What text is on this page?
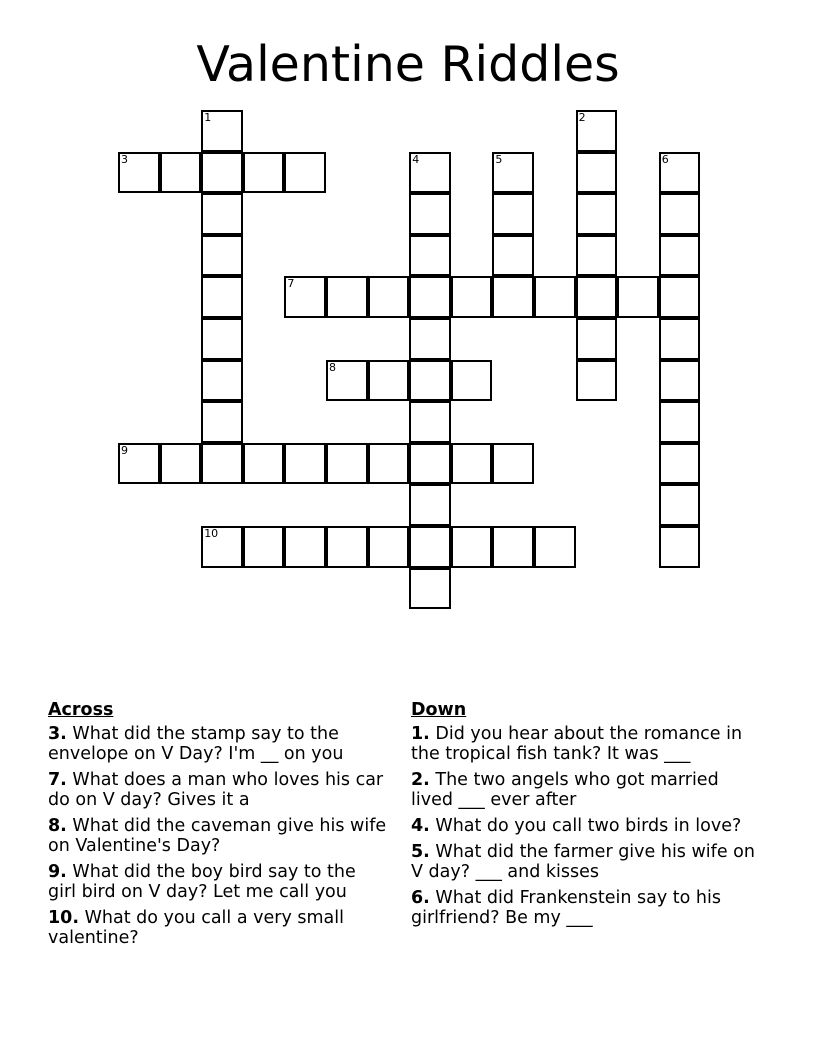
Valentine Riddles
1	2
3	4	5	6
7
8
9
10
Across
3. What did the stamp say to the envelope on V Day? I'm __ on you
7. What does a man who loves his car do on V day? Gives it a
8. What did the caveman give his wife on Valentine's Day?
9. What did the boy bird say to the girl bird on V day? Let me call you
10. What do you call a very small valentine?
Down
1. Did you hear about the romance in the tropical fish tank? It was ___
2. The two angels who got married lived ___ ever after
4. What do you call two birds in love?
5. What did the farmer give his wife on V day? ___ and kisses
6. What did Frankenstein say to his girlfriend? Be my ___
